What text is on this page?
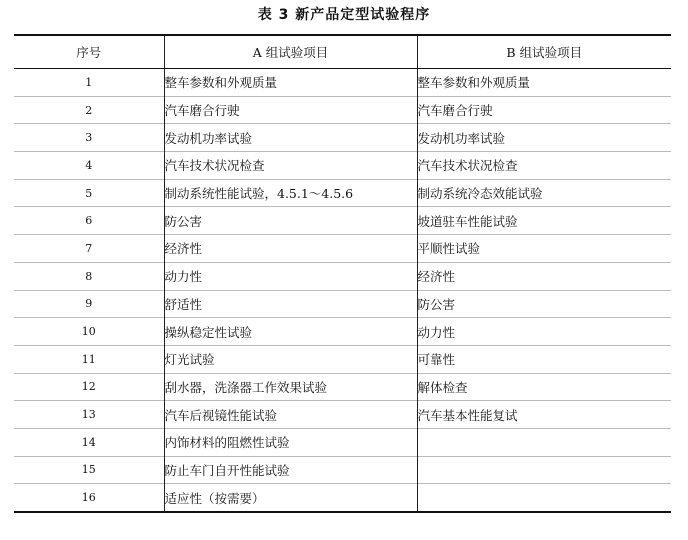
表 3 新产品定型试验程序
序号	A 组试验项目	B 组试验项目
1	整车参数和外观质量	整车参数和外观质量
2	汽车磨合行驶	汽车磨合行驶
3	发动机功率试验	发动机功率试验
4	汽车技术状况检查	汽车技术状况检查
5	制动系统性能试验，4.5.1～4.5.6	制动系统冷态效能试验
6	防公害	坡道驻车性能试验
7	经济性	平顺性试验
8	动力性	经济性
9	舒适性	防公害
10	操纵稳定性试验	动力性
11	灯光试验	可靠性
12	刮水器，洗涤器工作效果试验	解体检查
13	汽车后视镜性能试验	汽车基本性能复试
14	内饰材料的阻燃性试验	
15	防止车门自开性能试验	
16	适应性（按需要）	
